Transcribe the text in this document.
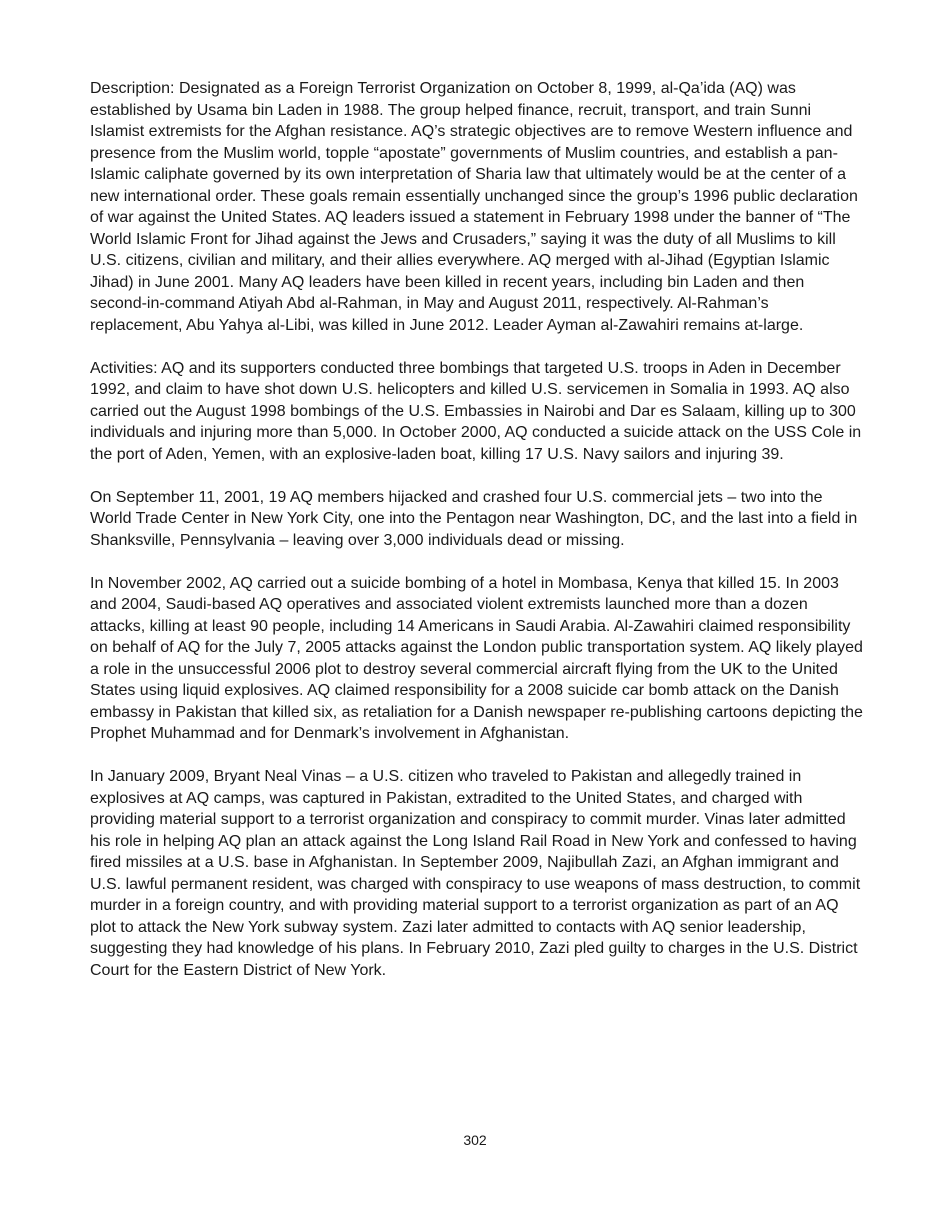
Description: Designated as a Foreign Terrorist Organization on October 8, 1999, al-Qa’ida (AQ) was established by Usama bin Laden in 1988. The group helped finance, recruit, transport, and train Sunni Islamist extremists for the Afghan resistance. AQ’s strategic objectives are to remove Western influence and presence from the Muslim world, topple “apostate” governments of Muslim countries, and establish a pan-Islamic caliphate governed by its own interpretation of Sharia law that ultimately would be at the center of a new international order. These goals remain essentially unchanged since the group’s 1996 public declaration of war against the United States. AQ leaders issued a statement in February 1998 under the banner of “The World Islamic Front for Jihad against the Jews and Crusaders,” saying it was the duty of all Muslims to kill U.S. citizens, civilian and military, and their allies everywhere. AQ merged with al-Jihad (Egyptian Islamic Jihad) in June 2001. Many AQ leaders have been killed in recent years, including bin Laden and then second-in-command Atiyah Abd al-Rahman, in May and August 2011, respectively. Al-Rahman’s replacement, Abu Yahya al-Libi, was killed in June 2012. Leader Ayman al-Zawahiri remains at-large.

Activities: AQ and its supporters conducted three bombings that targeted U.S. troops in Aden in December 1992, and claim to have shot down U.S. helicopters and killed U.S. servicemen in Somalia in 1993. AQ also carried out the August 1998 bombings of the U.S. Embassies in Nairobi and Dar es Salaam, killing up to 300 individuals and injuring more than 5,000. In October 2000, AQ conducted a suicide attack on the USS Cole in the port of Aden, Yemen, with an explosive-laden boat, killing 17 U.S. Navy sailors and injuring 39.

On September 11, 2001, 19 AQ members hijacked and crashed four U.S. commercial jets – two into the World Trade Center in New York City, one into the Pentagon near Washington, DC, and the last into a field in Shanksville, Pennsylvania – leaving over 3,000 individuals dead or missing.

In November 2002, AQ carried out a suicide bombing of a hotel in Mombasa, Kenya that killed 15. In 2003 and 2004, Saudi-based AQ operatives and associated violent extremists launched more than a dozen attacks, killing at least 90 people, including 14 Americans in Saudi Arabia. Al-Zawahiri claimed responsibility on behalf of AQ for the July 7, 2005 attacks against the London public transportation system. AQ likely played a role in the unsuccessful 2006 plot to destroy several commercial aircraft flying from the UK to the United States using liquid explosives. AQ claimed responsibility for a 2008 suicide car bomb attack on the Danish embassy in Pakistan that killed six, as retaliation for a Danish newspaper re-publishing cartoons depicting the Prophet Muhammad and for Denmark’s involvement in Afghanistan.

In January 2009, Bryant Neal Vinas – a U.S. citizen who traveled to Pakistan and allegedly trained in explosives at AQ camps, was captured in Pakistan, extradited to the United States, and charged with providing material support to a terrorist organization and conspiracy to commit murder. Vinas later admitted his role in helping AQ plan an attack against the Long Island Rail Road in New York and confessed to having fired missiles at a U.S. base in Afghanistan. In September 2009, Najibullah Zazi, an Afghan immigrant and U.S. lawful permanent resident, was charged with conspiracy to use weapons of mass destruction, to commit murder in a foreign country, and with providing material support to a terrorist organization as part of an AQ plot to attack the New York subway system. Zazi later admitted to contacts with AQ senior leadership, suggesting they had knowledge of his plans. In February 2010, Zazi pled guilty to charges in the U.S. District Court for the Eastern District of New York.

302
